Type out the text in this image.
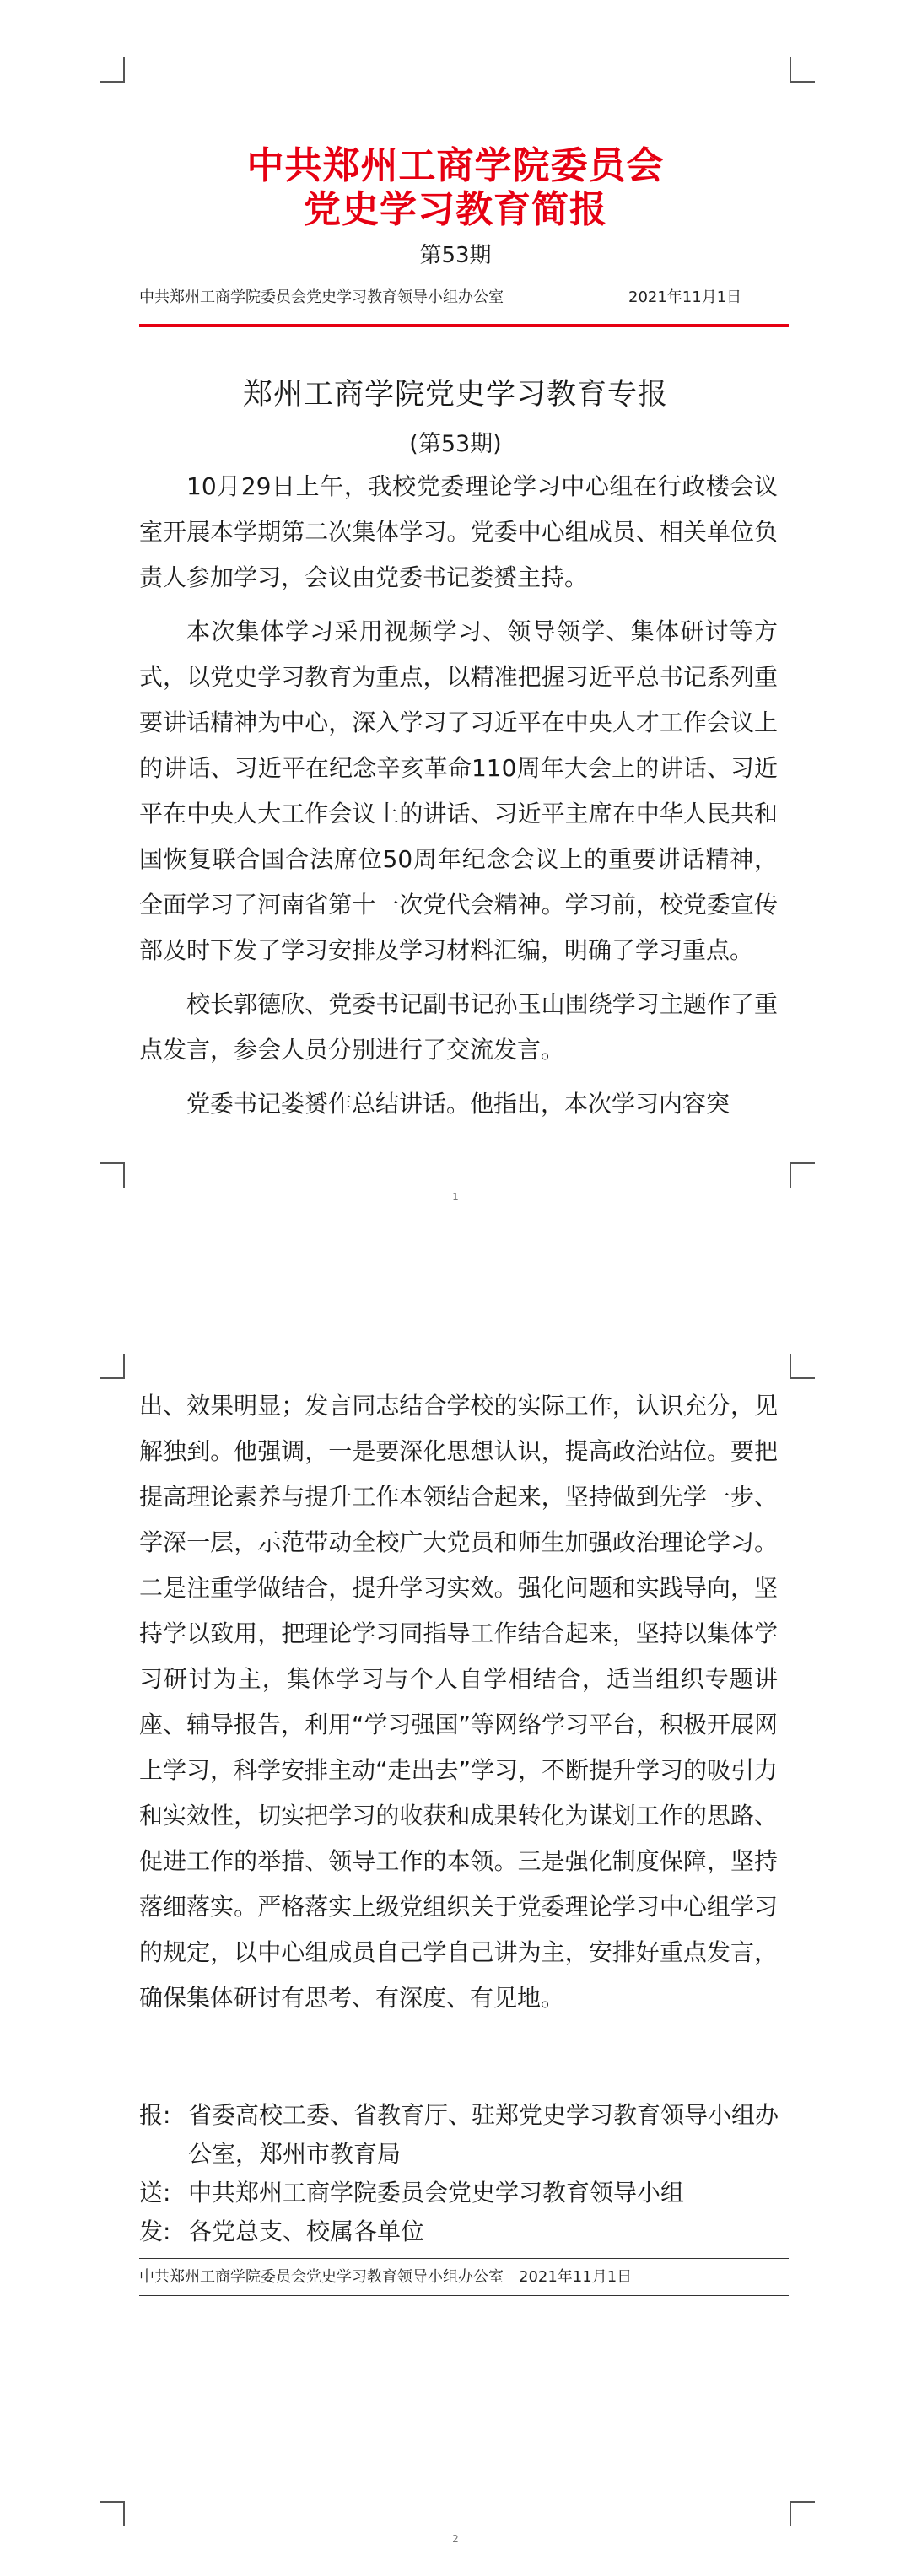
中共郑州工商学院委员会
党史学习教育简报
第53期
中共郑州工商学院委员会党史学习教育领导小组办公室	2021年11月1日
郑州工商学院党史学习教育专报
(第53期)

10月29日上午，我校党委理论学习中心组在行政楼会议室开展本学期第二次集体学习。党委中心组成员、相关单位负责人参加学习，会议由党委书记娄赟主持。

本次集体学习采用视频学习、领导领学、集体研讨等方式，以党史学习教育为重点，以精准把握习近平总书记系列重要讲话精神为中心，深入学习了习近平在中央人才工作会议上的讲话、习近平在纪念辛亥革命110周年大会上的讲话、习近平在中央人大工作会议上的讲话、习近平主席在中华人民共和国恢复联合国合法席位50周年纪念会议上的重要讲话精神，全面学习了河南省第十一次党代会精神。学习前，校党委宣传部及时下发了学习安排及学习材料汇编，明确了学习重点。

校长郭德欣、党委书记副书记孙玉山围绕学习主题作了重点发言，参会人员分别进行了交流发言。

党委书记娄赟作总结讲话。他指出，本次学习内容突

1

出、效果明显；发言同志结合学校的实际工作，认识充分，见解独到。他强调，一是要深化思想认识，提高政治站位。要把提高理论素养与提升工作本领结合起来，坚持做到先学一步、学深一层，示范带动全校广大党员和师生加强政治理论学习。二是注重学做结合，提升学习实效。强化问题和实践导向，坚持学以致用，把理论学习同指导工作结合起来，坚持以集体学习研讨为主，集体学习与个人自学相结合，适当组织专题讲座、辅导报告，利用“学习强国”等网络学习平台，积极开展网上学习，科学安排主动“走出去”学习，不断提升学习的吸引力和实效性，切实把学习的收获和成果转化为谋划工作的思路、促进工作的举措、领导工作的本领。三是强化制度保障，坚持落细落实。严格落实上级党组织关于党委理论学习中心组学习的规定，以中心组成员自己学自己讲为主，安排好重点发言，确保集体研讨有思考、有深度、有见地。

报: 省委高校工委、省教育厅、驻郑党史学习教育领导小组办公室，郑州市教育局
送: 中共郑州工商学院委员会党史学习教育领导小组
发: 各党总支、校属各单位
中共郑州工商学院委员会党史学习教育领导小组办公室 2021年11月1日
2
